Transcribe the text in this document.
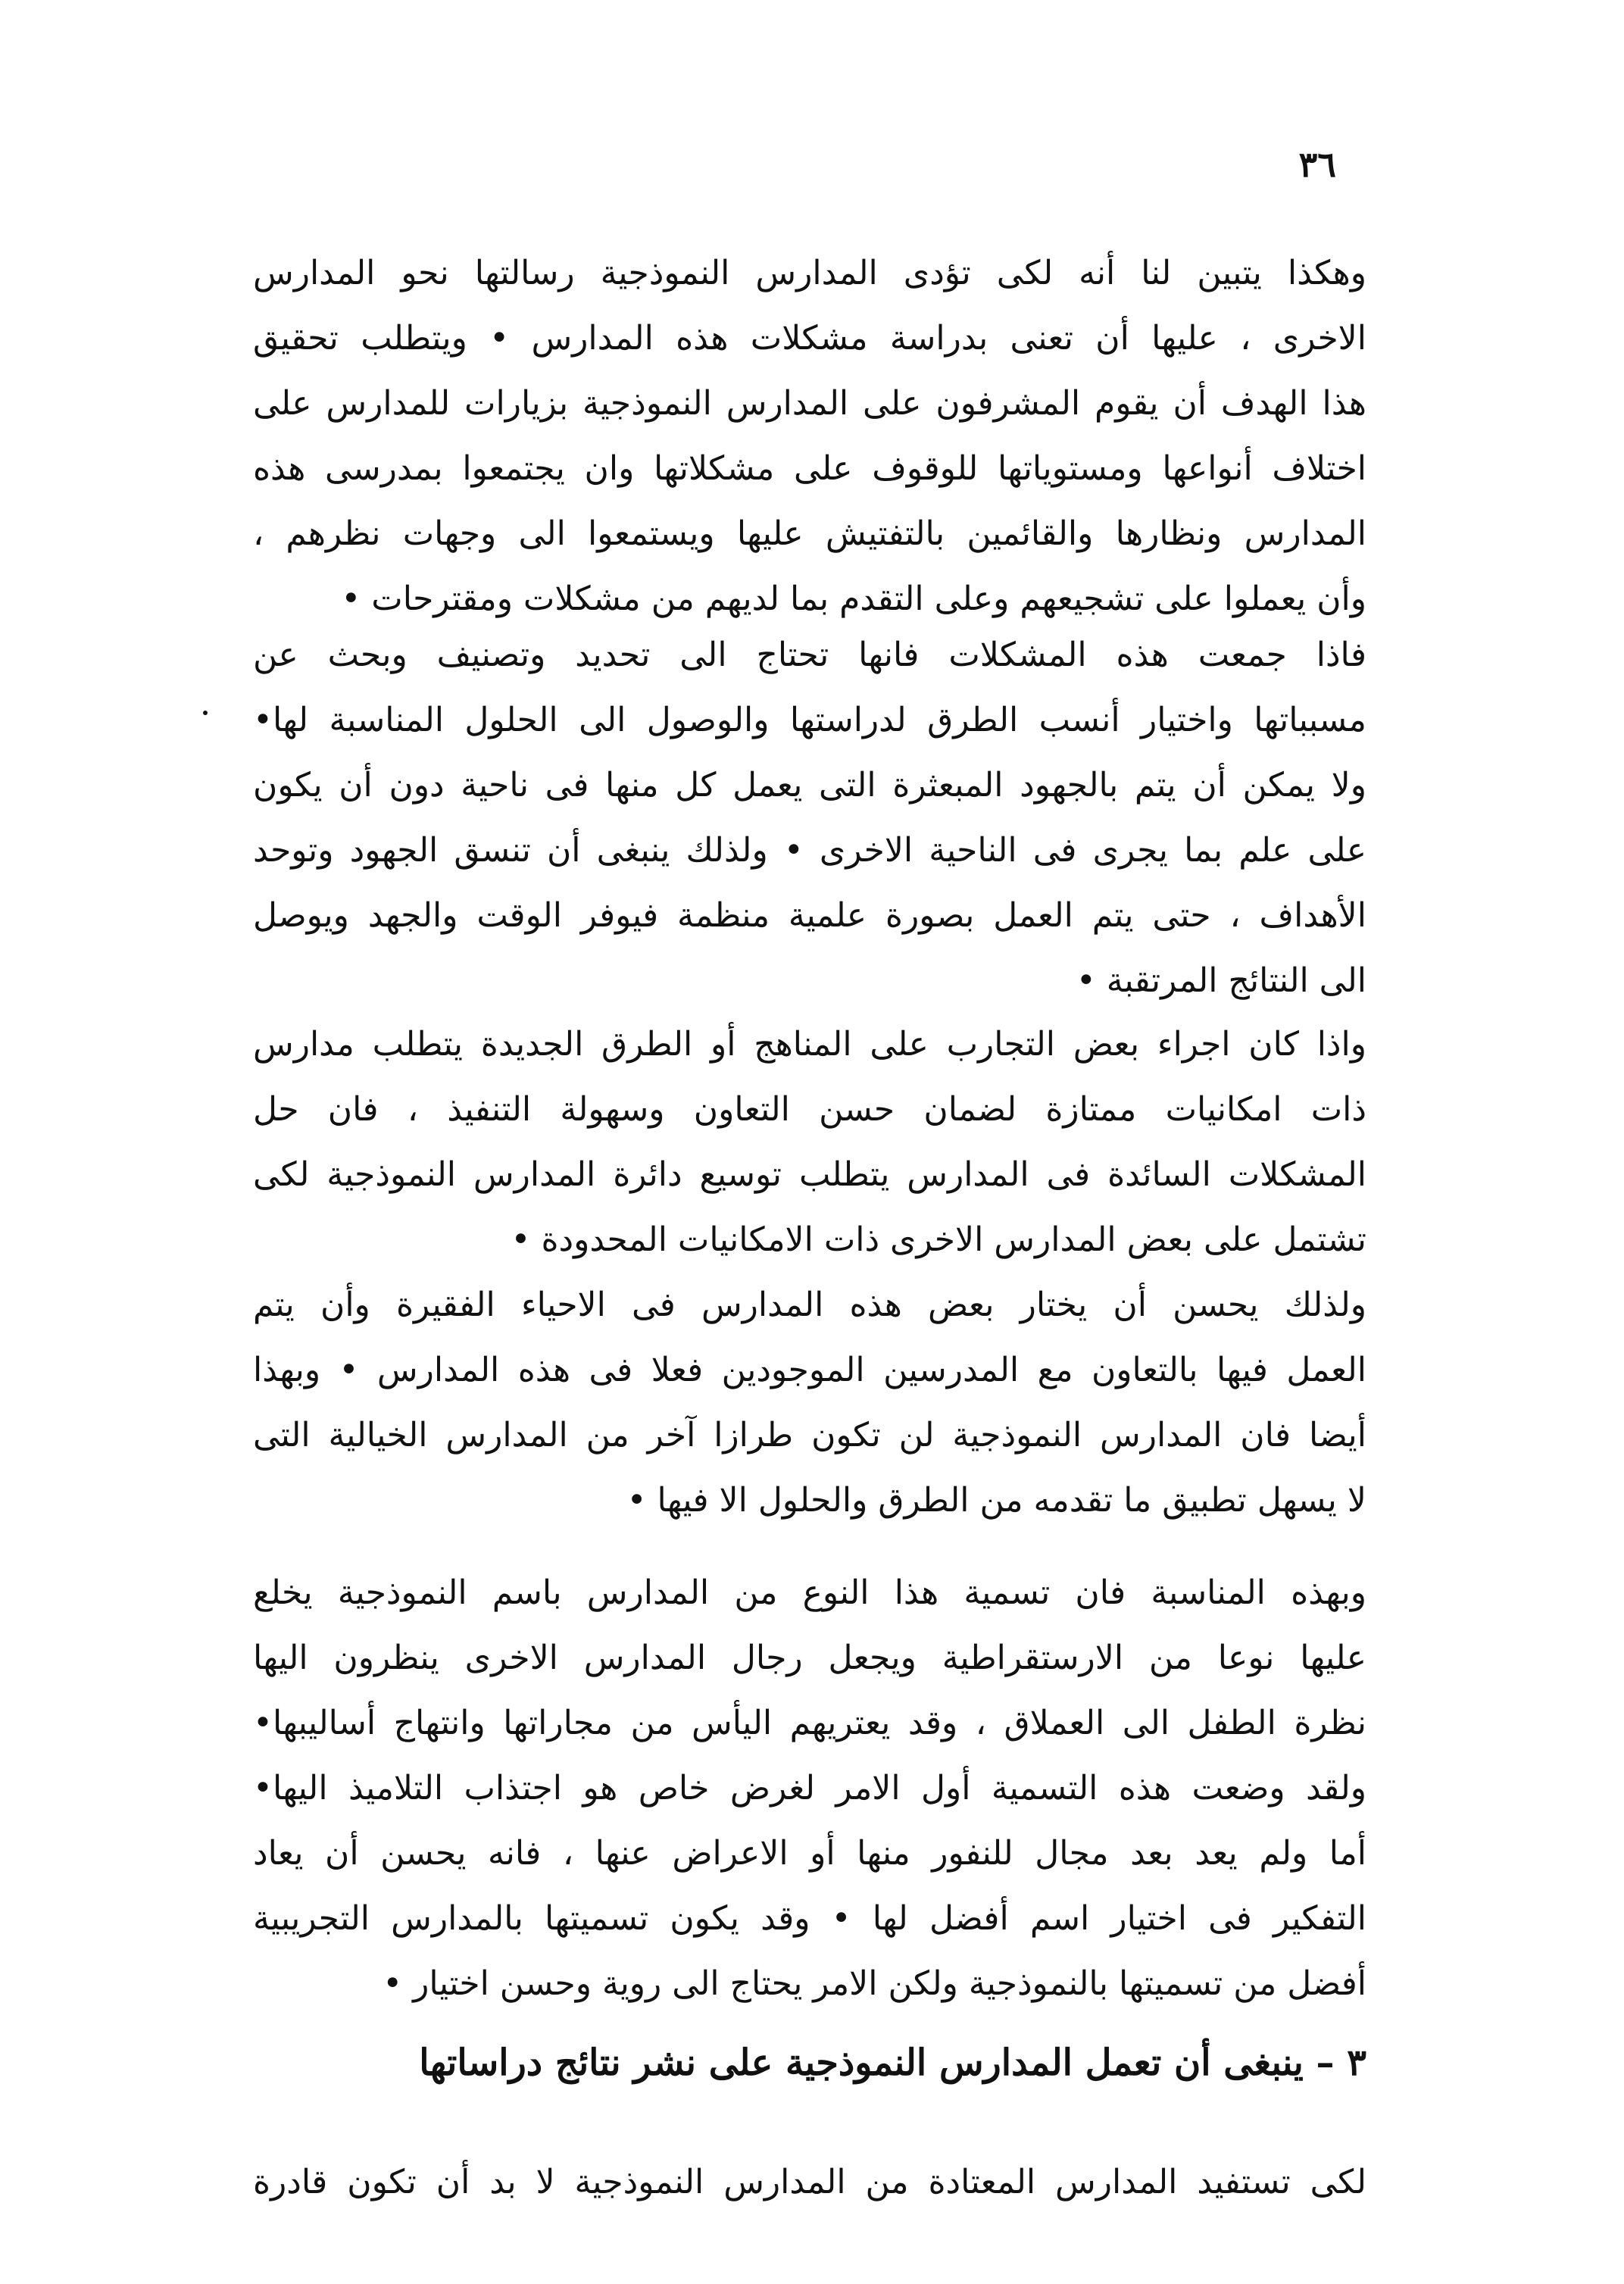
٣٦
وهكذا يتبين لنا أنه لكى تؤدى المدارس النموذجية رسالتها نحو المدارس
الاخرى ، عليها أن تعنى بدراسة مشكلات هذه المدارس • ويتطلب تحقيق
هذا الهدف أن يقوم المشرفون على المدارس النموذجية بزيارات للمدارس على
اختلاف أنواعها ومستوياتها للوقوف على مشكلاتها وان يجتمعوا بمدرسى هذه
المدارس ونظارها والقائمين بالتفتيش عليها ويستمعوا الى وجهات نظرهم ،
وأن يعملوا على تشجيعهم وعلى التقدم بما لديهم من مشكلات ومقترحات •
فاذا جمعت هذه المشكلات فانها تحتاج الى تحديد وتصنيف وبحث عن
مسبباتها واختيار أنسب الطرق لدراستها والوصول الى الحلول المناسبة لها•
ولا يمكن أن يتم بالجهود المبعثرة التى يعمل كل منها فى ناحية دون أن يكون
على علم بما يجرى فى الناحية الاخرى • ولذلك ينبغى أن تنسق الجهود وتوحد
الأهداف ، حتى يتم العمل بصورة علمية منظمة فيوفر الوقت والجهد ويوصل
الى النتائج المرتقبة •
واذا كان اجراء بعض التجارب على المناهج أو الطرق الجديدة يتطلب مدارس
ذات امكانيات ممتازة لضمان حسن التعاون وسهولة التنفيذ ، فان حل
المشكلات السائدة فى المدارس يتطلب توسيع دائرة المدارس النموذجية لكى
تشتمل على بعض المدارس الاخرى ذات الامكانيات المحدودة •
ولذلك يحسن أن يختار بعض هذه المدارس فى الاحياء الفقيرة وأن يتم
العمل فيها بالتعاون مع المدرسين الموجودين فعلا فى هذه المدارس • وبهذا
أيضا فان المدارس النموذجية لن تكون طرازا آخر من المدارس الخيالية التى
لا يسهل تطبيق ما تقدمه من الطرق والحلول الا فيها •
وبهذه المناسبة فان تسمية هذا النوع من المدارس باسم النموذجية يخلع
عليها نوعا من الارستقراطية ويجعل رجال المدارس الاخرى ينظرون اليها
نظرة الطفل الى العملاق ، وقد يعتريهم اليأس من مجاراتها وانتهاج أساليبها•
ولقد وضعت هذه التسمية أول الامر لغرض خاص هو اجتذاب التلاميذ اليها•
أما ولم يعد بعد مجال للنفور منها أو الاعراض عنها ، فانه يحسن أن يعاد
التفكير فى اختيار اسم أفضل لها • وقد يكون تسميتها بالمدارس التجريبية
أفضل من تسميتها بالنموذجية ولكن الامر يحتاج الى روية وحسن اختيار •
٣ – ينبغى أن تعمل المدارس النموذجية على نشر نتائج دراساتها
لكى تستفيد المدارس المعتادة من المدارس النموذجية لا بد أن تكون قادرة
